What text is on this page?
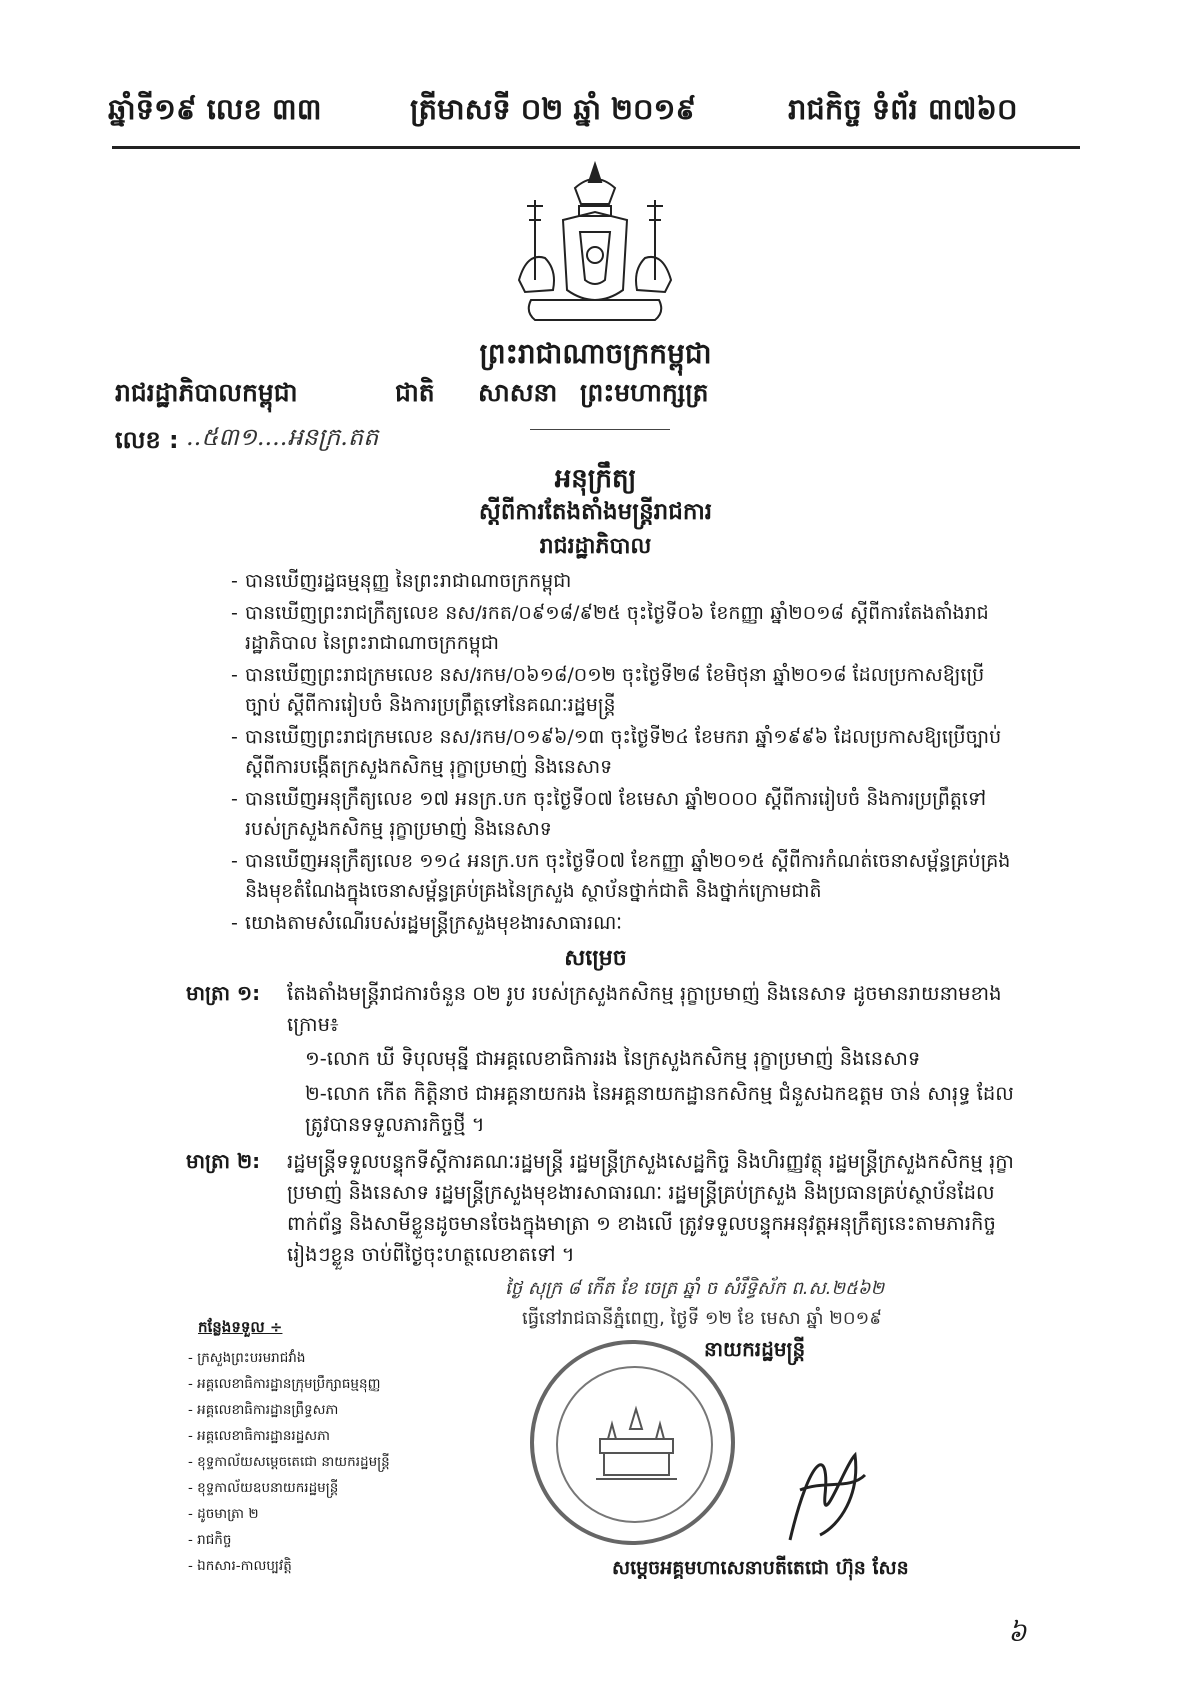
ឆ្នាំទី១៩ លេខ ៣៣	ត្រីមាសទី ០២ ឆ្នាំ ២០១៩	រាជកិច្ច ទំព័រ ៣៧៦០
ព្រះរាជាណាចក្រកម្ពុជា
រាជរដ្ឋាភិបាលកម្ពុជា	ជាតិ សាសនា ព្រះមហាក្សត្រ
លេខ : ..៥៣១....អនក្រ.តត
អនុក្រឹត្យ
ស្ដីពីការតែងតាំងមន្ត្រីរាជការ
រាជរដ្ឋាភិបាល
- បានឃើញរដ្ឋធម្មនុញ្ញ នៃព្រះរាជាណាចក្រកម្ពុជា
- បានឃើញព្រះរាជក្រឹត្យលេខ នស/រកត/០៩១៨/៩២៥ ចុះថ្ងៃទី០៦ ខែកញ្ញា ឆ្នាំ២០១៨ ស្ដីពីការតែងតាំងរាជរដ្ឋាភិបាល នៃព្រះរាជាណាចក្រកម្ពុជា
- បានឃើញព្រះរាជក្រមលេខ នស/រកម/០៦១៨/០១២ ចុះថ្ងៃទី២៨ ខែមិថុនា ឆ្នាំ២០១៨ ដែលប្រកាសឱ្យប្រើច្បាប់ ស្ដីពីការរៀបចំ និងការប្រព្រឹត្តទៅនៃគណៈរដ្ឋមន្ត្រី
- បានឃើញព្រះរាជក្រមលេខ នស/រកម/០១៩៦/១៣ ចុះថ្ងៃទី២៤ ខែមករា ឆ្នាំ១៩៩៦ ដែលប្រកាសឱ្យប្រើច្បាប់ ស្ដីពីការបង្កើតក្រសួងកសិកម្ម រុក្ខាប្រមាញ់ និងនេសាទ
- បានឃើញអនុក្រឹត្យលេខ ១៧ អនក្រ.បក ចុះថ្ងៃទី០៧ ខែមេសា ឆ្នាំ២០០០ ស្ដីពីការរៀបចំ និងការប្រព្រឹត្តទៅរបស់ក្រសួងកសិកម្ម រុក្ខាប្រមាញ់ និងនេសាទ
- បានឃើញអនុក្រឹត្យលេខ ១១៤ អនក្រ.បក ចុះថ្ងៃទី០៧ ខែកញ្ញា ឆ្នាំ២០១៥ ស្ដីពីការកំណត់ចេនាសម្ព័ន្ធគ្រប់គ្រង និងមុខតំណែងក្នុងចេនាសម្ព័ន្ធគ្រប់គ្រងនៃក្រសួង ស្ថាប័នថ្នាក់ជាតិ និងថ្នាក់ក្រោមជាតិ
- យោងតាមសំណើរបស់រដ្ឋមន្ត្រីក្រសួងមុខងារសាធារណៈ
សម្រេច
មាត្រា ១: តែងតាំងមន្ត្រីរាជការចំនួន ០២ រូប របស់ក្រសួងកសិកម្ម រុក្ខាប្រមាញ់ និងនេសាទ ដូចមានរាយនាមខាងក្រោម៖
១-លោក ឃី ទិបុលមុន្នី ជាអគ្គលេខាធិការរង នៃក្រសួងកសិកម្ម រុក្ខាប្រមាញ់ និងនេសាទ
២-លោក កើត កិត្តិនាថ ជាអគ្គនាយករង នៃអគ្គនាយកដ្ឋានកសិកម្ម ជំនួសឯកឧត្តម ចាន់ សារុទ្ធ ដែលត្រូវបានទទួលភារកិច្ចថ្មី ។
មាត្រា ២: រដ្ឋមន្ត្រីទទួលបន្ទុកទីស្តីការគណៈរដ្ឋមន្ត្រី រដ្ឋមន្ត្រីក្រសួងសេដ្ឋកិច្ច និងហិរញ្ញវត្ថុ រដ្ឋមន្ត្រីក្រសួងកសិកម្ម រុក្ខាប្រមាញ់ និងនេសាទ រដ្ឋមន្ត្រីក្រសួងមុខងារសាធារណៈ រដ្ឋមន្ត្រីគ្រប់ក្រសួង និងប្រធានគ្រប់ស្ថាប័នដែលពាក់ព័ន្ធ និងសាមីខ្លួនដូចមានចែងក្នុងមាត្រា ១ ខាងលើ ត្រូវទទួលបន្ទុកអនុវត្តអនុក្រឹត្យនេះតាមភារកិច្ចរៀងៗខ្លួន ចាប់ពីថ្ងៃចុះហត្ថលេខាតទៅ ។
ថ្ងៃ សុក្រ ៨ កើត ខែ ចេត្រ ឆ្នាំ ច សំរឹទ្ធិស័ក ព.ស.២៥៦២
ធ្វើនៅរាជធានីភ្នំពេញ, ថ្ងៃទី ១២ ខែ មេសា ឆ្នាំ ២០១៩
នាយករដ្ឋមន្ត្រី
សម្ដេចអគ្គមហាសេនាបតីតេជោ ហ៊ុន សែន
កន្លែងទទួល ÷
- ក្រសួងព្រះបរមរាជវាំង
- អគ្គលេខាធិការដ្ឋានក្រុមប្រឹក្សាធម្មនុញ្ញ
- អគ្គលេខាធិការដ្ឋានព្រឹទ្ធសភា
- អគ្គលេខាធិការដ្ឋានរដ្ឋសភា
- ខុទ្ទកាល័យសម្ដេចតេជោ នាយករដ្ឋមន្ត្រី
- ខុទ្ទកាល័យឧបនាយករដ្ឋមន្ត្រី
- ដូចមាត្រា ២
- រាជកិច្ច
- ឯកសារ-កាលប្បវត្តិ
៦
